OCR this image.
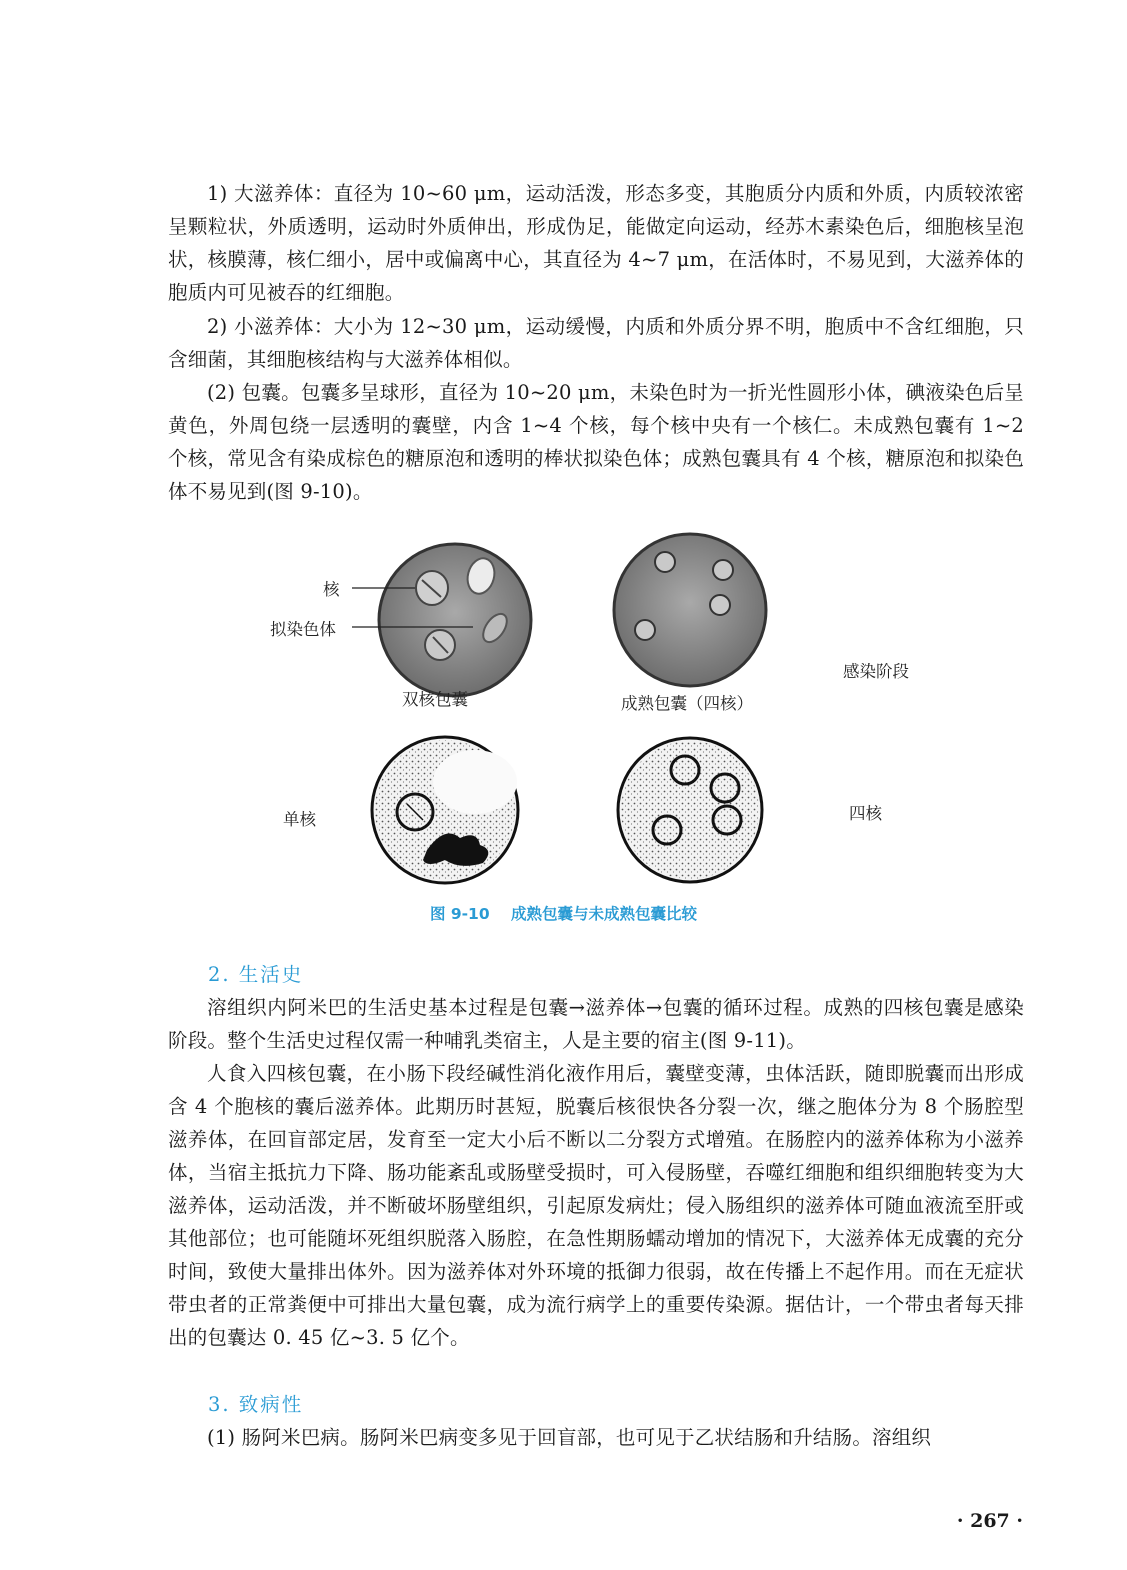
1) 大滋养体：直径为 10~60 μm，运动活泼，形态多变，其胞质分内质和外质，内质较浓密呈颗粒状，外质透明，运动时外质伸出，形成伪足，能做定向运动，经苏木素染色后，细胞核呈泡状，核膜薄，核仁细小，居中或偏离中心，其直径为 4~7 μm，在活体时，不易见到，大滋养体的胞质内可见被吞的红细胞。

2) 小滋养体：大小为 12~30 μm，运动缓慢，内质和外质分界不明，胞质中不含红细胞，只含细菌，其细胞核结构与大滋养体相似。

(2) 包囊。包囊多呈球形，直径为 10~20 μm，未染色时为一折光性圆形小体，碘液染色后呈黄色，外周包绕一层透明的囊壁，内含 1~4 个核，每个核中央有一个核仁。未成熟包囊有 1~2 个核，常见含有染成棕色的糖原泡和透明的棒状拟染色体；成熟包囊具有 4 个核，糖原泡和拟染色体不易见到(图 9-10)。

核
拟染色体
双核包囊	成熟包囊（四核）
感染阶段
单核	四核
图 9-10 成熟包囊与未成熟包囊比较

2. 生活史

溶组织内阿米巴的生活史基本过程是包囊→滋养体→包囊的循环过程。成熟的四核包囊是感染阶段。整个生活史过程仅需一种哺乳类宿主，人是主要的宿主(图 9-11)。

人食入四核包囊，在小肠下段经碱性消化液作用后，囊壁变薄，虫体活跃，随即脱囊而出形成含 4 个胞核的囊后滋养体。此期历时甚短，脱囊后核很快各分裂一次，继之胞体分为 8 个肠腔型滋养体，在回盲部定居，发育至一定大小后不断以二分裂方式增殖。在肠腔内的滋养体称为小滋养体，当宿主抵抗力下降、肠功能紊乱或肠壁受损时，可入侵肠壁，吞噬红细胞和组织细胞转变为大滋养体，运动活泼，并不断破坏肠壁组织，引起原发病灶；侵入肠组织的滋养体可随血液流至肝或其他部位；也可能随坏死组织脱落入肠腔，在急性期肠蠕动增加的情况下，大滋养体无成囊的充分时间，致使大量排出体外。因为滋养体对外环境的抵御力很弱，故在传播上不起作用。而在无症状带虫者的正常粪便中可排出大量包囊，成为流行病学上的重要传染源。据估计，一个带虫者每天排出的包囊达 0. 45 亿~3. 5 亿个。

3. 致病性

(1) 肠阿米巴病。肠阿米巴病变多见于回盲部，也可见于乙状结肠和升结肠。溶组织

· 267 ·
